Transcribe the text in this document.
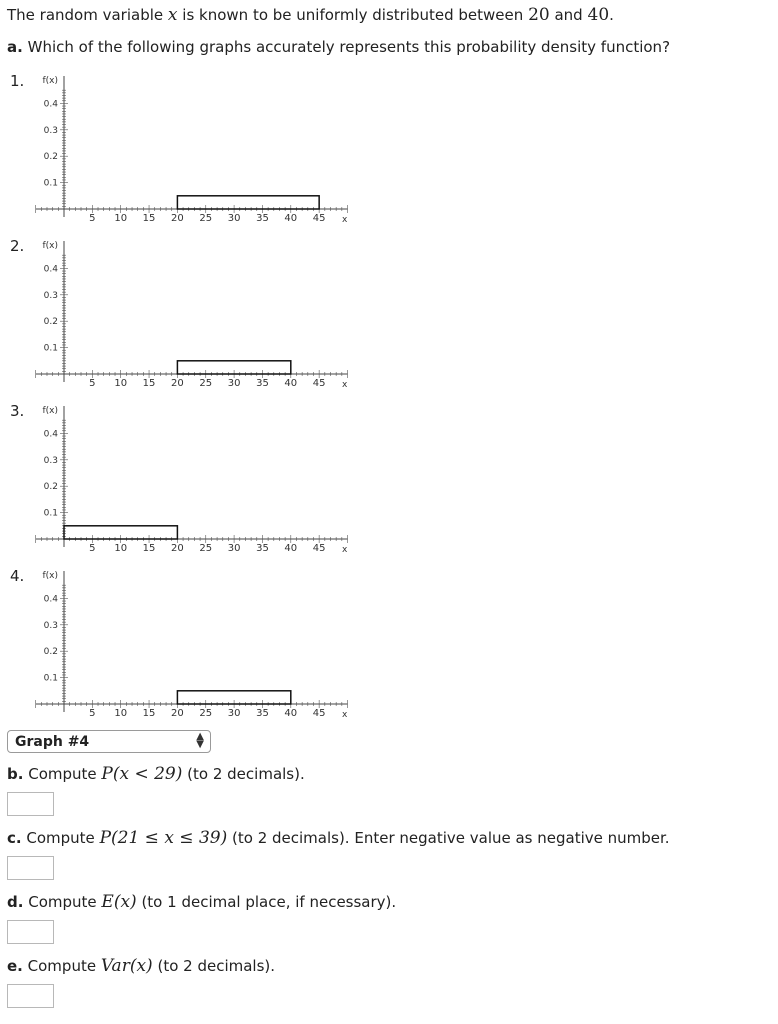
The random variable x is known to be uniformly distributed between 20 and 40.
a. Which of the following graphs accurately represents this probability density function?
1.
2.
3.
4.
0.1
0.2
0.3
0.4
f(x)
5 10 15 20 25 30 35 40 45 x
0.1
0.2
0.3
0.4
f(x)
5 10 15 20 25 30 35 40 45 x
0.1
0.2
0.3
0.4
f(x)
5 10 15 20 25 30 35 40 45 x
0.1
0.2
0.3
0.4
f(x)
5 10 15 20 25 30 35 40 45 x
Graph #4	▲
▼
b. Compute P(x < 29) (to 2 decimals).
c. Compute P(21 ≤ x ≤ 39) (to 2 decimals). Enter negative value as negative number.
d. Compute E(x) (to 1 decimal place, if necessary).
e. Compute Var(x) (to 2 decimals).
